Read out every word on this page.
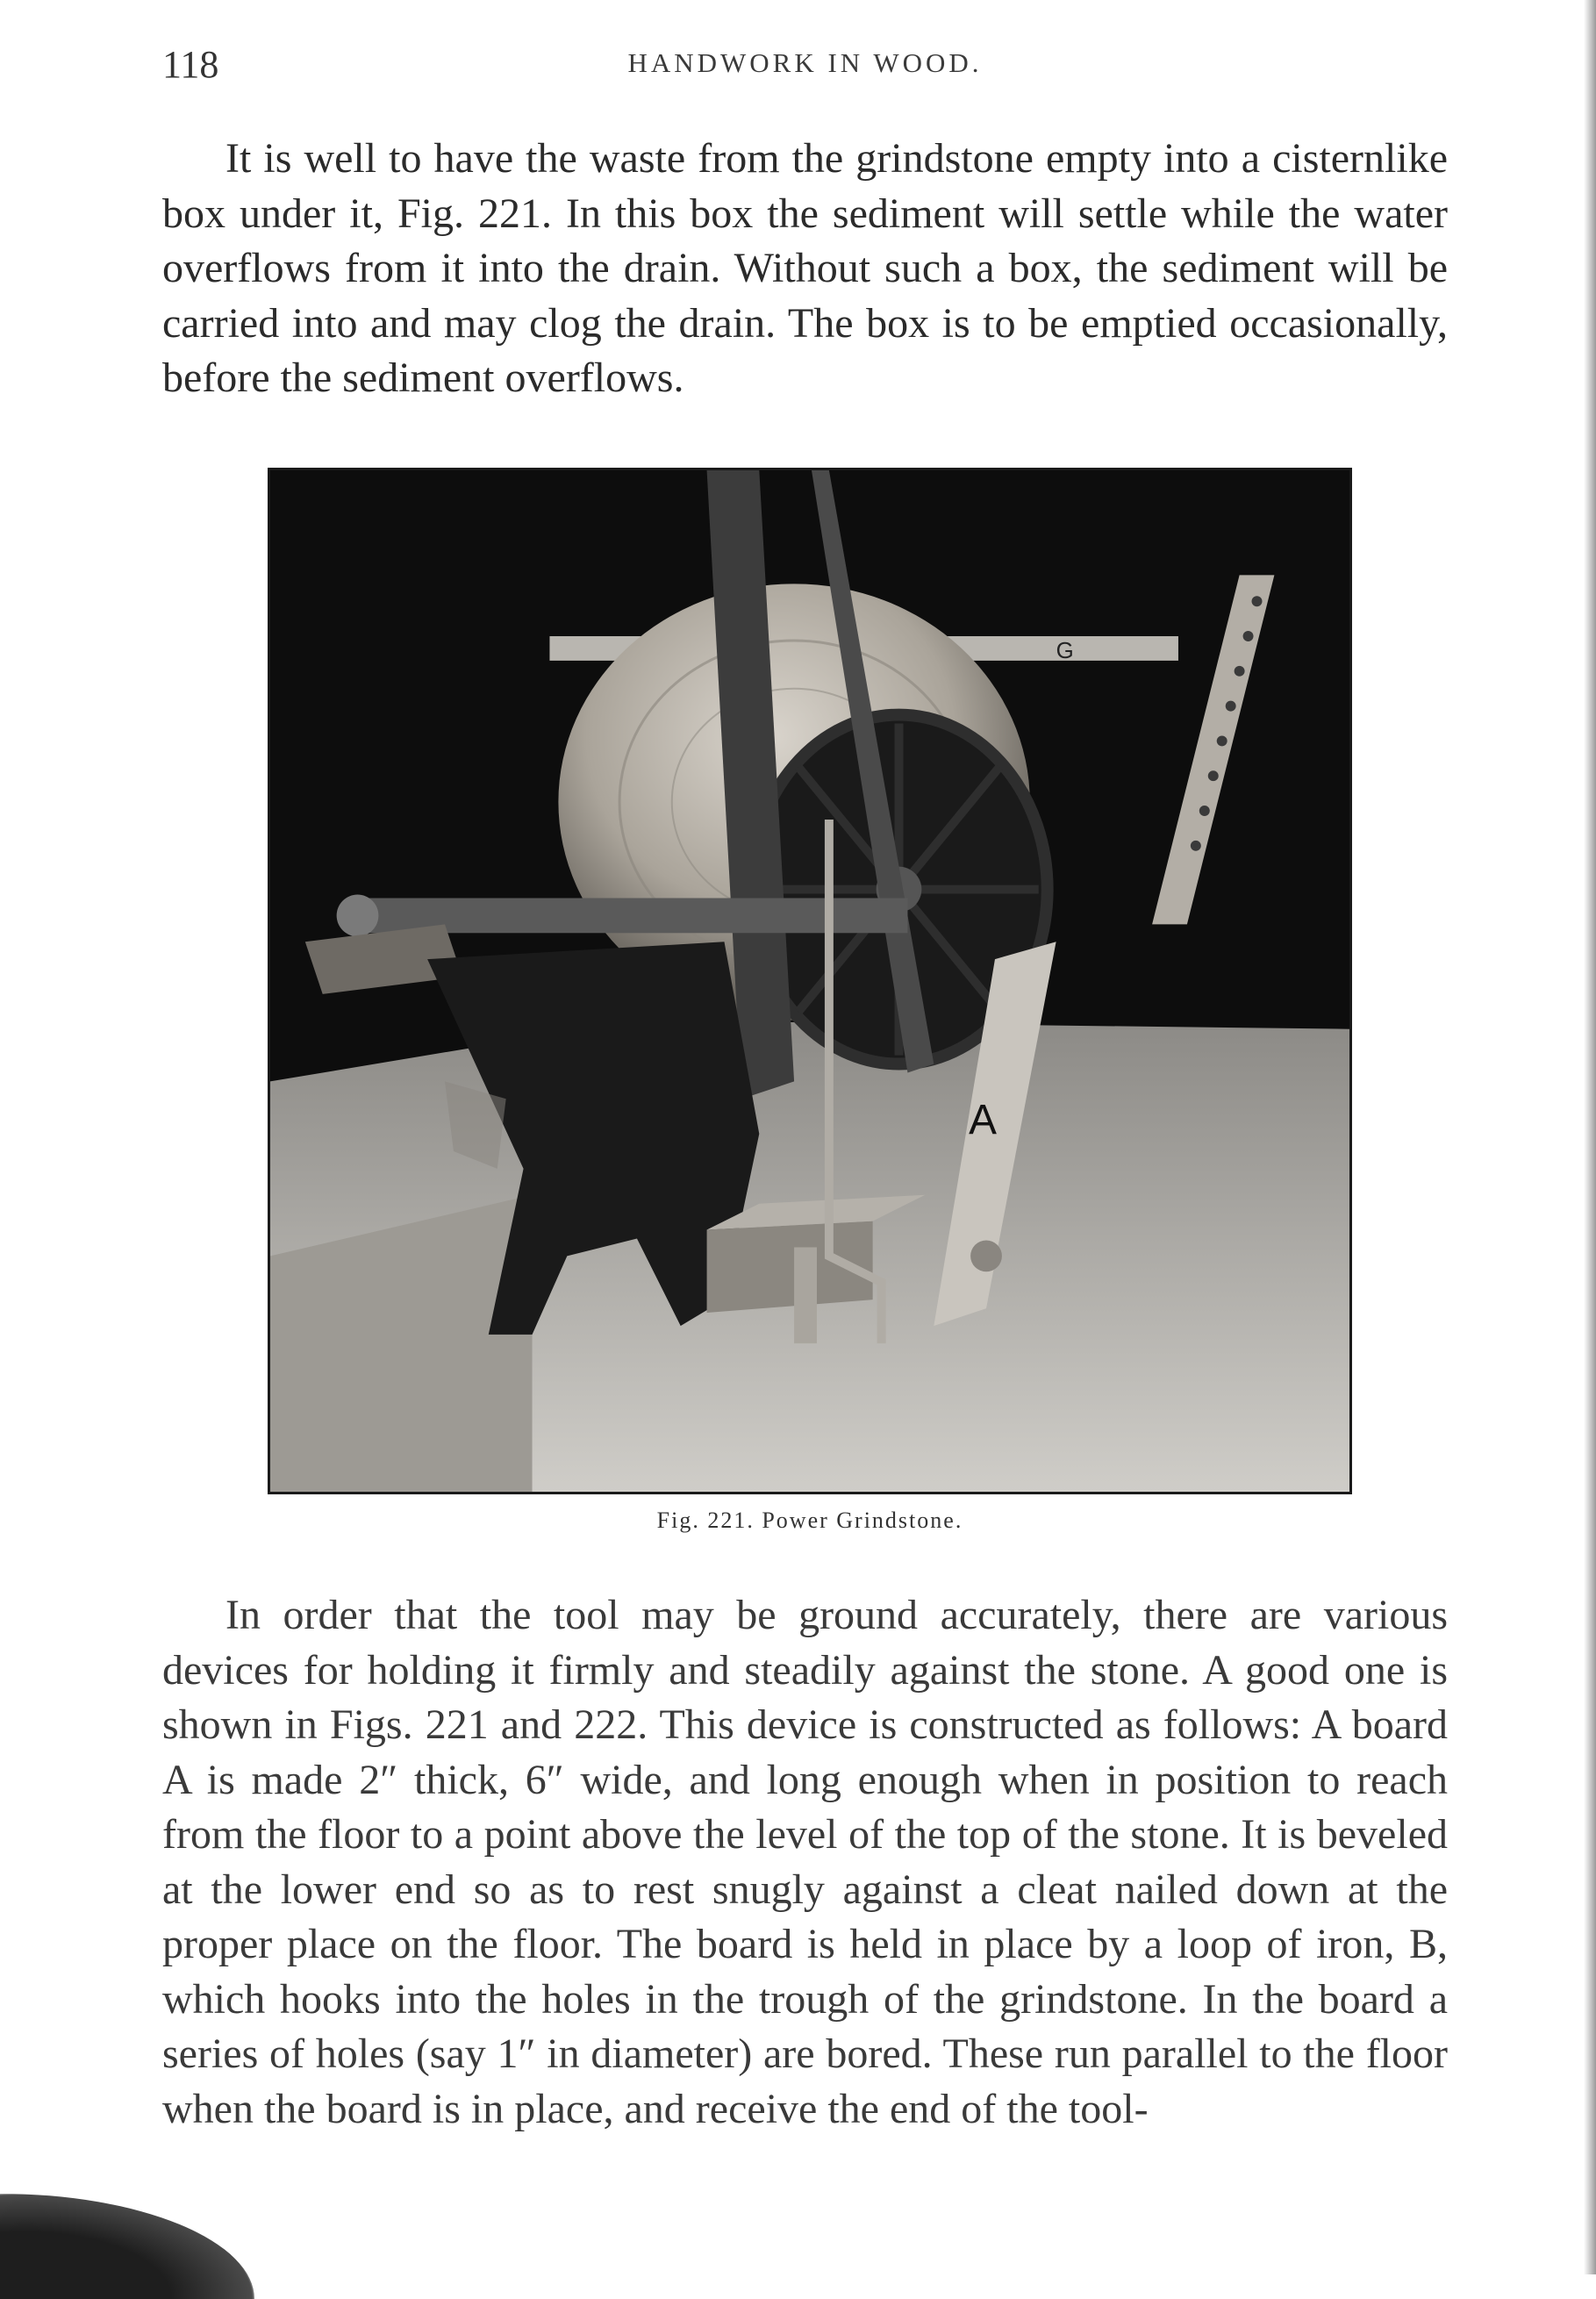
118	HANDWORK IN WOOD.

It is well to have the waste from the grindstone empty into a cisternlike box under it, Fig. 221. In this box the sediment will settle while the water overflows from it into the drain. Without such a box, the sediment will be carried into and may clog the drain. The box is to be emptied occasionally, before the sediment overflows.

G
A
Fig. 221. Power Grindstone.

In order that the tool may be ground accurately, there are various devices for holding it firmly and steadily against the stone. A good one is shown in Figs. 221 and 222. This device is constructed as follows: A board A is made 2″ thick, 6″ wide, and long enough when in position to reach from the floor to a point above the level of the top of the stone. It is beveled at the lower end so as to rest snugly against a cleat nailed down at the proper place on the floor. The board is held in place by a loop of iron, B, which hooks into the holes in the trough of the grindstone. In the board a series of holes (say 1″ in diameter) are bored. These run parallel to the floor when the board is in place, and receive the end of the tool-
